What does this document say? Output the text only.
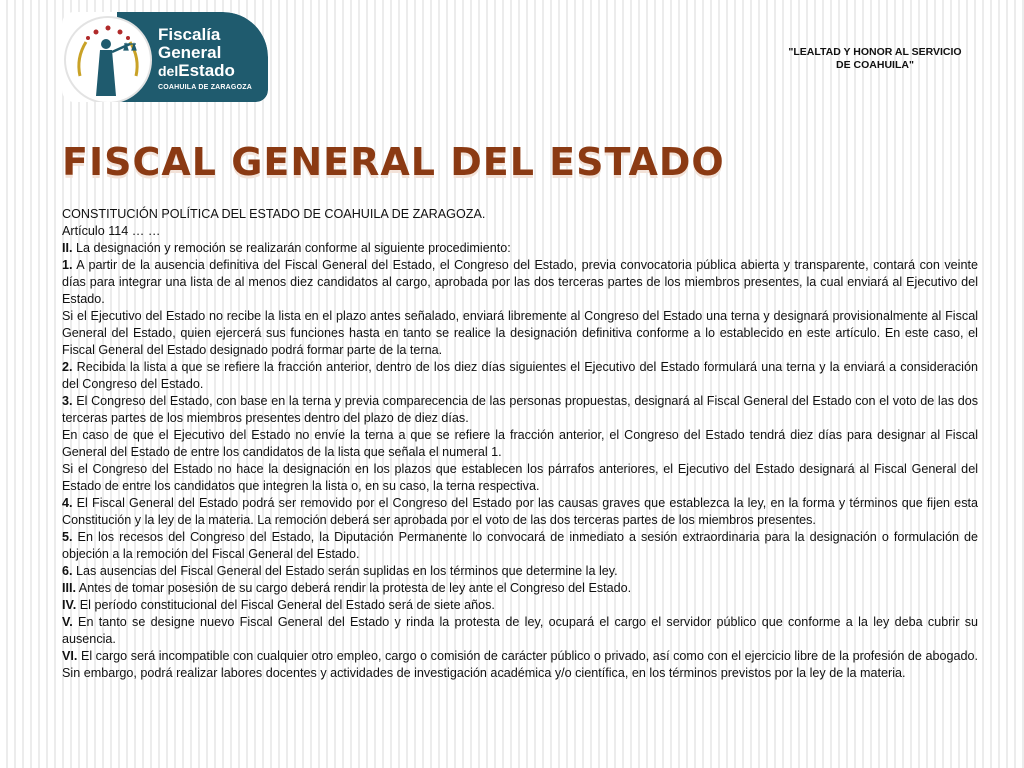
Fiscalía
General
delEstado
COAHUILA DE ZARAGOZA
"LEALTAD Y HONOR AL SERVICIO
DE COAHUILA"
FISCAL GENERAL DEL ESTADO

CONSTITUCIÓN POLÍTICA DEL ESTADO DE COAHUILA DE ZARAGOZA.

Artículo 114 … …

II. La designación y remoción se realizarán conforme al siguiente procedimiento:

1. A partir de la ausencia definitiva del Fiscal General del Estado, el Congreso del Estado, previa convocatoria pública abierta y transparente, contará con veinte días para integrar una lista de al menos diez candidatos al cargo, aprobada por las dos terceras partes de los miembros presentes, la cual enviará al Ejecutivo del Estado.

Si el Ejecutivo del Estado no recibe la lista en el plazo antes señalado, enviará libremente al Congreso del Estado una terna y designará provisionalmente al Fiscal General del Estado, quien ejercerá sus funciones hasta en tanto se realice la designación definitiva conforme a lo establecido en este artículo. En este caso, el Fiscal General del Estado designado podrá formar parte de la terna.

2. Recibida la lista a que se refiere la fracción anterior, dentro de los diez días siguientes el Ejecutivo del Estado formulará una terna y la enviará a consideración del Congreso del Estado.

3. El Congreso del Estado, con base en la terna y previa comparecencia de las personas propuestas, designará al Fiscal General del Estado con el voto de las dos terceras partes de los miembros presentes dentro del plazo de diez días.

En caso de que el Ejecutivo del Estado no envíe la terna a que se refiere la fracción anterior, el Congreso del Estado tendrá diez días para designar al Fiscal General del Estado de entre los candidatos de la lista que señala el numeral 1.

Si el Congreso del Estado no hace la designación en los plazos que establecen los párrafos anteriores, el Ejecutivo del Estado designará al Fiscal General del Estado de entre los candidatos que integren la lista o, en su caso, la terna respectiva.

4. El Fiscal General del Estado podrá ser removido por el Congreso del Estado por las causas graves que establezca la ley, en la forma y términos que fijen esta Constitución y la ley de la materia. La remoción deberá ser aprobada por el voto de las dos terceras partes de los miembros presentes.

5. En los recesos del Congreso del Estado, la Diputación Permanente lo convocará de inmediato a sesión extraordinaria para la designación o formulación de objeción a la remoción del Fiscal General del Estado.

6. Las ausencias del Fiscal General del Estado serán suplidas en los términos que determine la ley.

III. Antes de tomar posesión de su cargo deberá rendir la protesta de ley ante el Congreso del Estado.

IV. El período constitucional del Fiscal General del Estado será de siete años.

V. En tanto se designe nuevo Fiscal General del Estado y rinda la protesta de ley, ocupará el cargo el servidor público que conforme a la ley deba cubrir su ausencia.

VI. El cargo será incompatible con cualquier otro empleo, cargo o comisión de carácter público o privado, así como con el ejercicio libre de la profesión de abogado. Sin embargo, podrá realizar labores docentes y actividades de investigación académica y/o científica, en los términos previstos por la ley de la materia.
